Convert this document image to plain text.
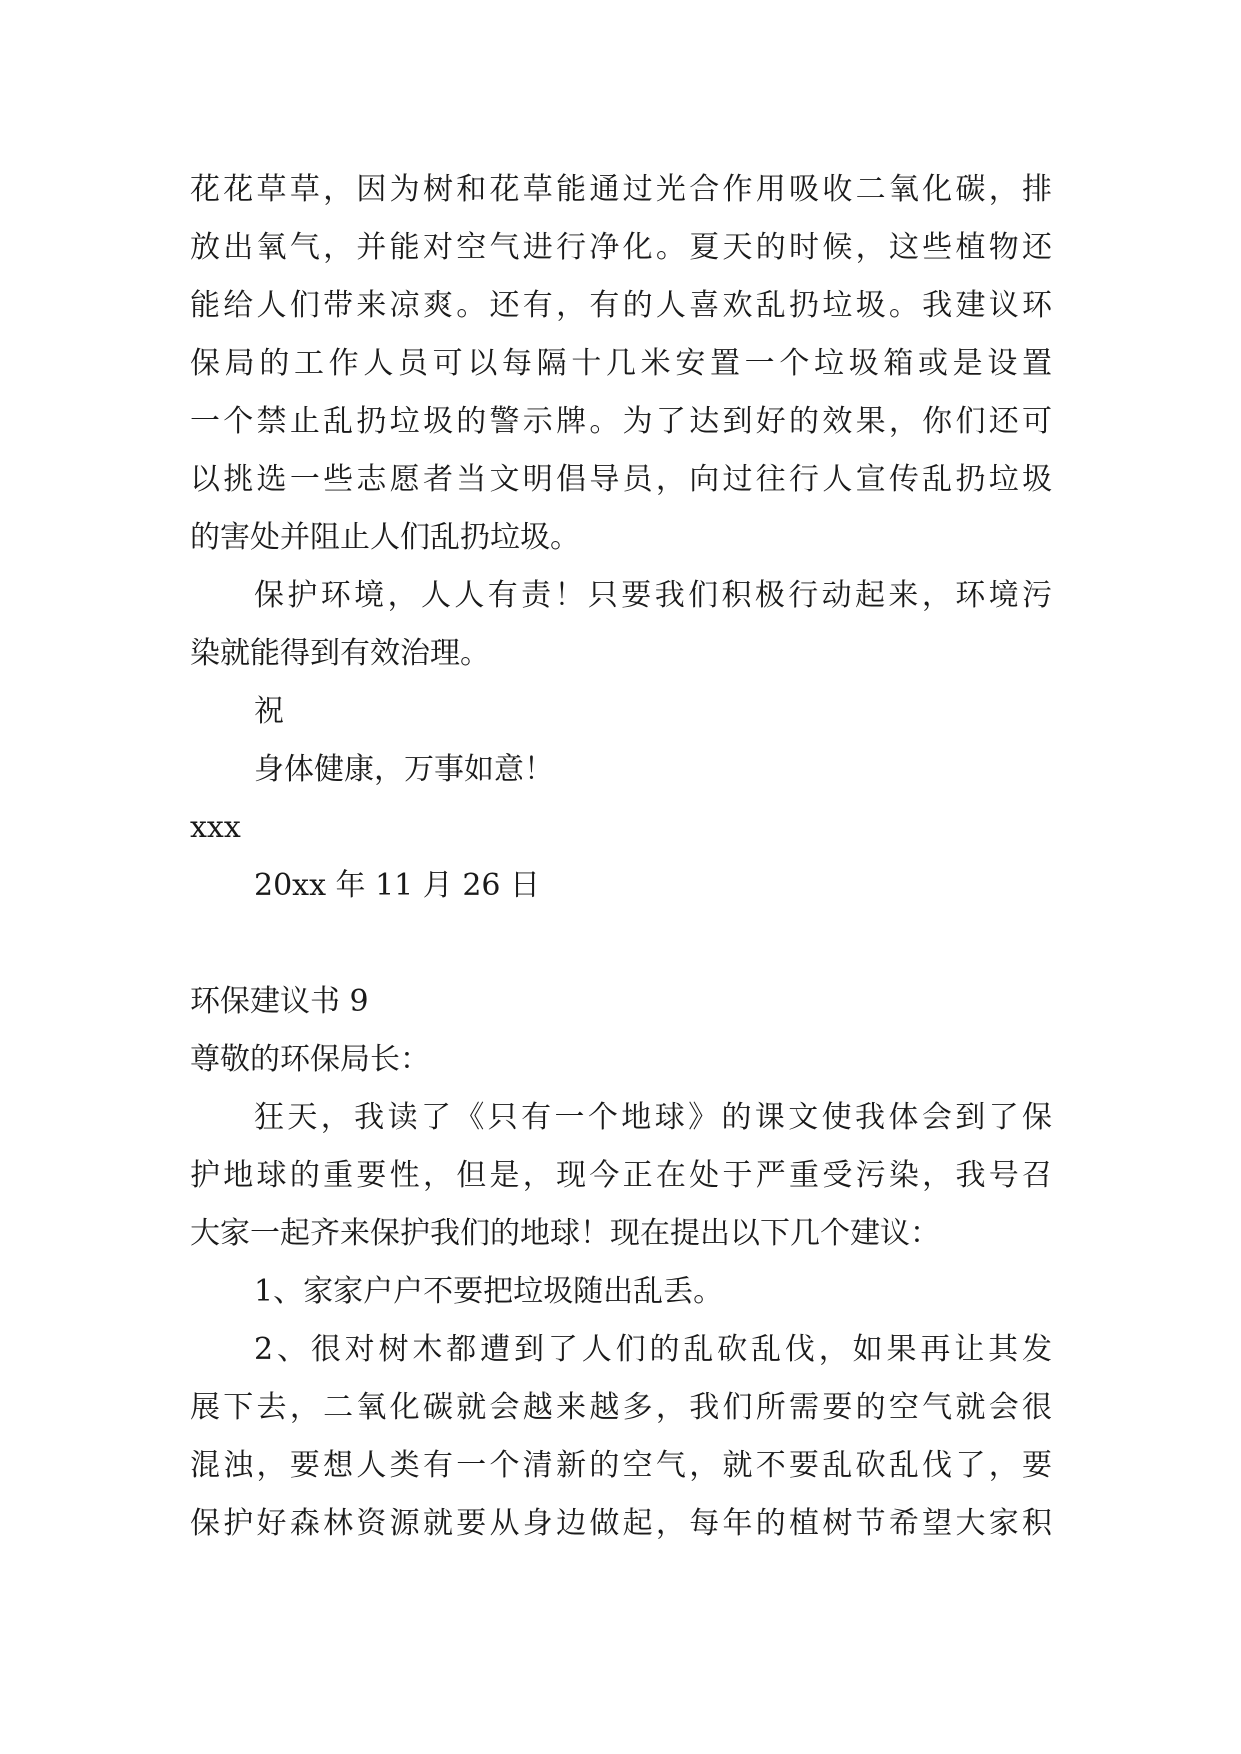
花花草草，因为树和花草能通过光合作用吸收二氧化碳，排
放出氧气，并能对空气进行净化。夏天的时候，这些植物还
能给人们带来凉爽。还有，有的人喜欢乱扔垃圾。我建议环
保局的工作人员可以每隔十几米安置一个垃圾箱或是设置
一个禁止乱扔垃圾的警示牌。为了达到好的效果，你们还可
以挑选一些志愿者当文明倡导员，向过往行人宣传乱扔垃圾
的害处并阻止人们乱扔垃圾。
保护环境，人人有责！只要我们积极行动起来，环境污
染就能得到有效治理。
祝
身体健康，万事如意！
xxx
20xx 年 11 月 26 日
环保建议书 9
尊敬的环保局长：
狂天，我读了《只有一个地球》的课文使我体会到了保
护地球的重要性，但是，现今正在处于严重受污染，我号召
大家一起齐来保护我们的地球！现在提出以下几个建议：
1、家家户户不要把垃圾随出乱丢。
2、很对树木都遭到了人们的乱砍乱伐，如果再让其发
展下去，二氧化碳就会越来越多，我们所需要的空气就会很
混浊，要想人类有一个清新的空气，就不要乱砍乱伐了，要
保护好森林资源就要从身边做起，每年的植树节希望大家积
